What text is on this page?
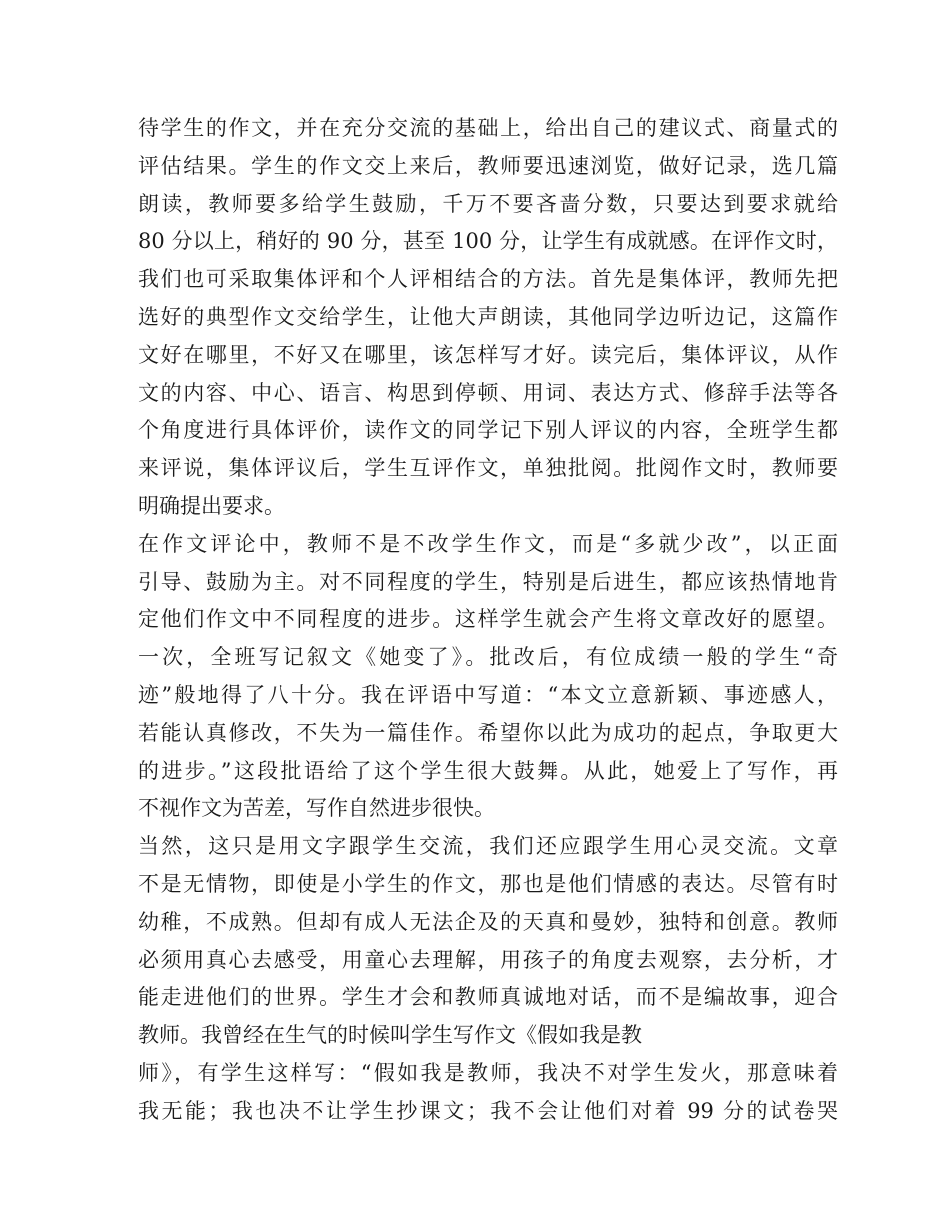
待学生的作文，并在充分交流的基础上，给出自己的建议式、商量式的
评估结果。学生的作文交上来后，教师要迅速浏览，做好记录，选几篇
朗读，教师要多给学生鼓励，千万不要吝啬分数，只要达到要求就给
80 分以上，稍好的 90 分，甚至 100 分，让学生有成就感。在评作文时，
我们也可采取集体评和个人评相结合的方法。首先是集体评，教师先把
选好的典型作文交给学生，让他大声朗读，其他同学边听边记，这篇作
文好在哪里，不好又在哪里，该怎样写才好。读完后，集体评议，从作
文的内容、中心、语言、构思到停顿、用词、表达方式、修辞手法等各
个角度进行具体评价，读作文的同学记下别人评议的内容，全班学生都
来评说，集体评议后，学生互评作文，单独批阅。批阅作文时，教师要
明确提出要求。
在作文评论中，教师不是不改学生作文，而是“多就少改”，以正面
引导、鼓励为主。对不同程度的学生，特别是后进生，都应该热情地肯
定他们作文中不同程度的进步。这样学生就会产生将文章改好的愿望。
一次，全班写记叙文《她变了》。批改后，有位成绩一般的学生“奇
迹”般地得了八十分。我在评语中写道：“本文立意新颖、事迹感人，
若能认真修改，不失为一篇佳作。希望你以此为成功的起点，争取更大
的进步。”这段批语给了这个学生很大鼓舞。从此，她爱上了写作，再
不视作文为苦差，写作自然进步很快。
当然，这只是用文字跟学生交流，我们还应跟学生用心灵交流。文章
不是无情物，即使是小学生的作文，那也是他们情感的表达。尽管有时
幼稚，不成熟。但却有成人无法企及的天真和曼妙，独特和创意。教师
必须用真心去感受，用童心去理解，用孩子的角度去观察，去分析，才
能走进他们的世界。学生才会和教师真诚地对话，而不是编故事，迎合
教师。我曾经在生气的时候叫学生写作文《假如我是教
师》，有学生这样写：“假如我是教师，我决不对学生发火，那意味着
我无能；我也决不让学生抄课文；我不会让他们对着 99 分的试卷哭
